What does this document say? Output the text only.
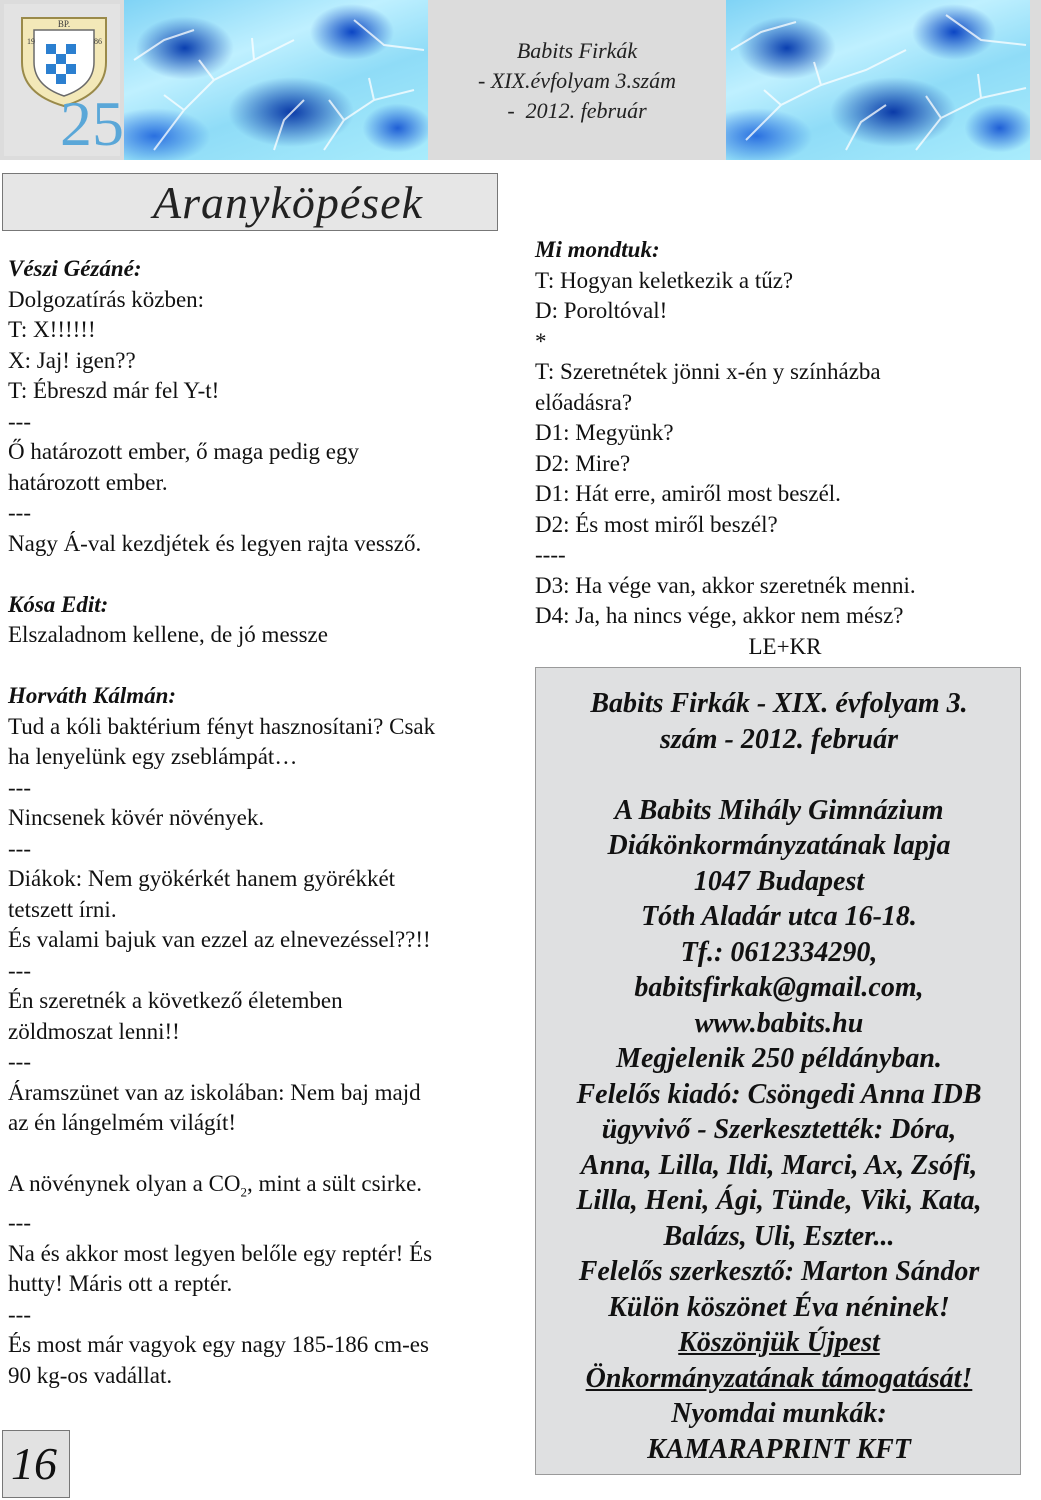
BP.
19	86
25
Babits Firkák
- XIX.évfolyam 3.szám
-  2012. február
Aranyköpések
Vészi Gézáné:
Dolgozatírás közben:
T: X!!!!!!
X: Jaj! igen??
T: Ébreszd már fel Y-t!
---
Ő határozott ember, ő maga pedig egy
határozott ember.
---
Nagy Á-val kezdjétek és legyen rajta vessző.
Kósa Edit:
Elszaladnom kellene, de jó messze
Horváth Kálmán:
Tud a kóli baktérium fényt hasznosítani? Csak
ha lenyelünk egy zseblámpát…
---
Nincsenek kövér növények.
---
Diákok: Nem gyökérkét hanem györékkét
tetszett írni.
És valami bajuk van ezzel az elnevezéssel??!!
---
Én szeretnék a következő életemben
zöldmoszat lenni!!
---
Áramszünet van az iskolában: Nem baj majd
az én lángelmém világít!
A növénynek olyan a $CO_2$, mint a sült csirke.
---
Na és akkor most legyen belőle egy reptér! És
hutty! Máris ott a reptér.
---
És most már vagyok egy nagy 185-186 cm-es
90 kg-os vadállat.
Mi mondtuk:
T: Hogyan keletkezik a tűz?
D: Poroltóval!
*
T: Szeretnétek jönni x-én y színházba
előadásra?
D1: Megyünk?
D2: Mire?
D1: Hát erre, amiről most beszél.
D2: És most miről beszél?
----
D3: Ha vége van, akkor szeretnék menni.
D4: Ja, ha nincs vége, akkor nem mész?
LE+KR
Babits Firkák - XIX. évfolyam 3.
szám - 2012. február
A Babits Mihály Gimnázium
Diákönkormányzatának lapja
1047 Budapest
Tóth Aladár utca 16-18.
Tf.: 0612334290,
babitsfirkak@gmail.com,
www.babits.hu
Megjelenik 250 példányban.
Felelős kiadó: Csöngedi Anna IDB
ügyvivő - Szerkesztették: Dóra,
Anna, Lilla, Ildi, Marci, Ax, Zsófi,
Lilla, Heni, Ági, Tünde, Viki, Kata,
Balázs, Uli, Eszter...
Felelős szerkesztő: Marton Sándor
Külön köszönet Éva néninek!
Köszönjük Újpest
Önkormányzatának támogatását!
Nyomdai munkák:
KAMARAPRINT KFT
16
